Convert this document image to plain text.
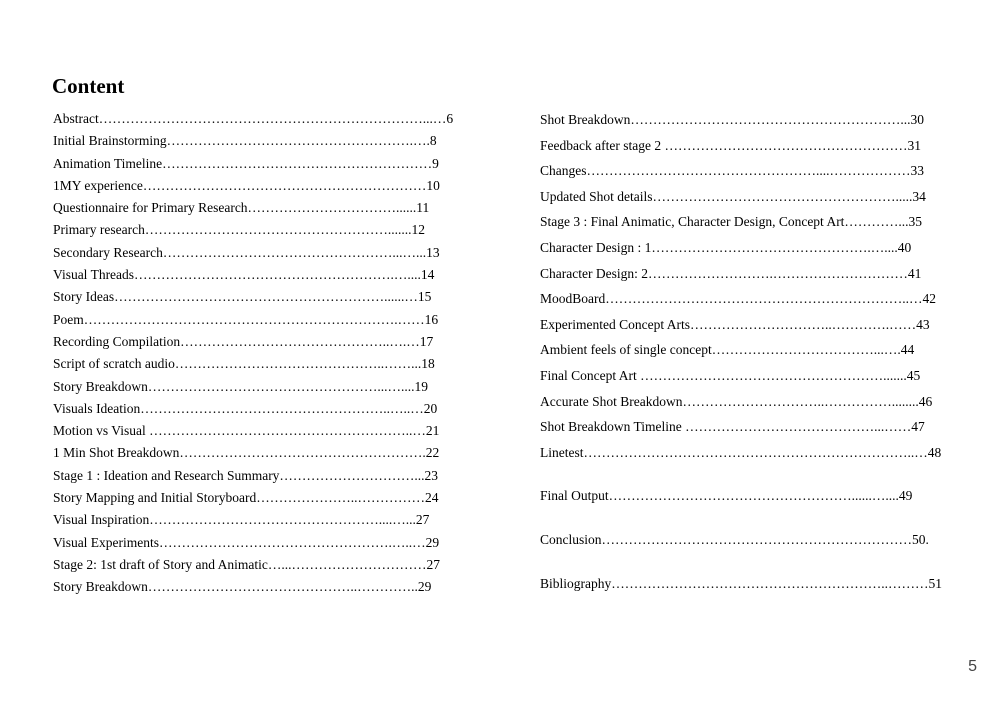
Content
Abstract………………………………………………………………...…6
Initial Brainstorming……………………………………………….….8
Animation Timeline……………………………………………………9
1MY experience………………………………………………………10
Questionnaire for Primary Research……………………………......11
Primary research……………………………………………….......12
Secondary Research……………………………………………...…...13
Visual Threads………………………………………………….…....14
Story Ideas……………………………………………………......…15
Poem…………………………………………………………….……16
Recording Compilation………………………………………..….…17
Script of scratch audio………………………………………..……...18
Story Breakdown……………………………………………...…....19
Visuals Ideation………………………………………………..…..…20
Motion vs Visual …………………………………………………..…21
1 Min Shot Breakdown……………………………………………….22
Stage 1 : Ideation and Research Summary…………………………...23
Story Mapping and Initial Storyboard…………………..……………24
Visual Inspiration……………………………………………....…...27
Visual Experiments…………………………………………….…..…29
Stage 2: 1st draft of Story and Animatic…...…………………………27
Story Breakdown………………………………………..…………..29
Shot Breakdown……………………………………………………...30
Feedback after stage 2 ………………………………………………31
Changes……………………………………………....………………33
Updated Shot details……………………………………………….....34
Stage 3 : Final Animatic, Character Design, Concept Art…………...35
Character Design : 1………………………………………….…....40
Character Design: 2……………………….…………………………41
MoodBoard…………………………………………………………..…42
Experimented Concept Arts…………………………..………….……43
Ambient feels of single concept………………………………...….44
Final Concept Art ……………………………………………….......45
Accurate Shot Breakdown…………………………..……………........46
Shot Breakdown Timeline ……………………………………...……47
Linetest………………………………………………………………..…48
Final Output………………………………………………......…....49
Conclusion……………………………………………………………50.
Bibliography……………………………………………………..………51
5
